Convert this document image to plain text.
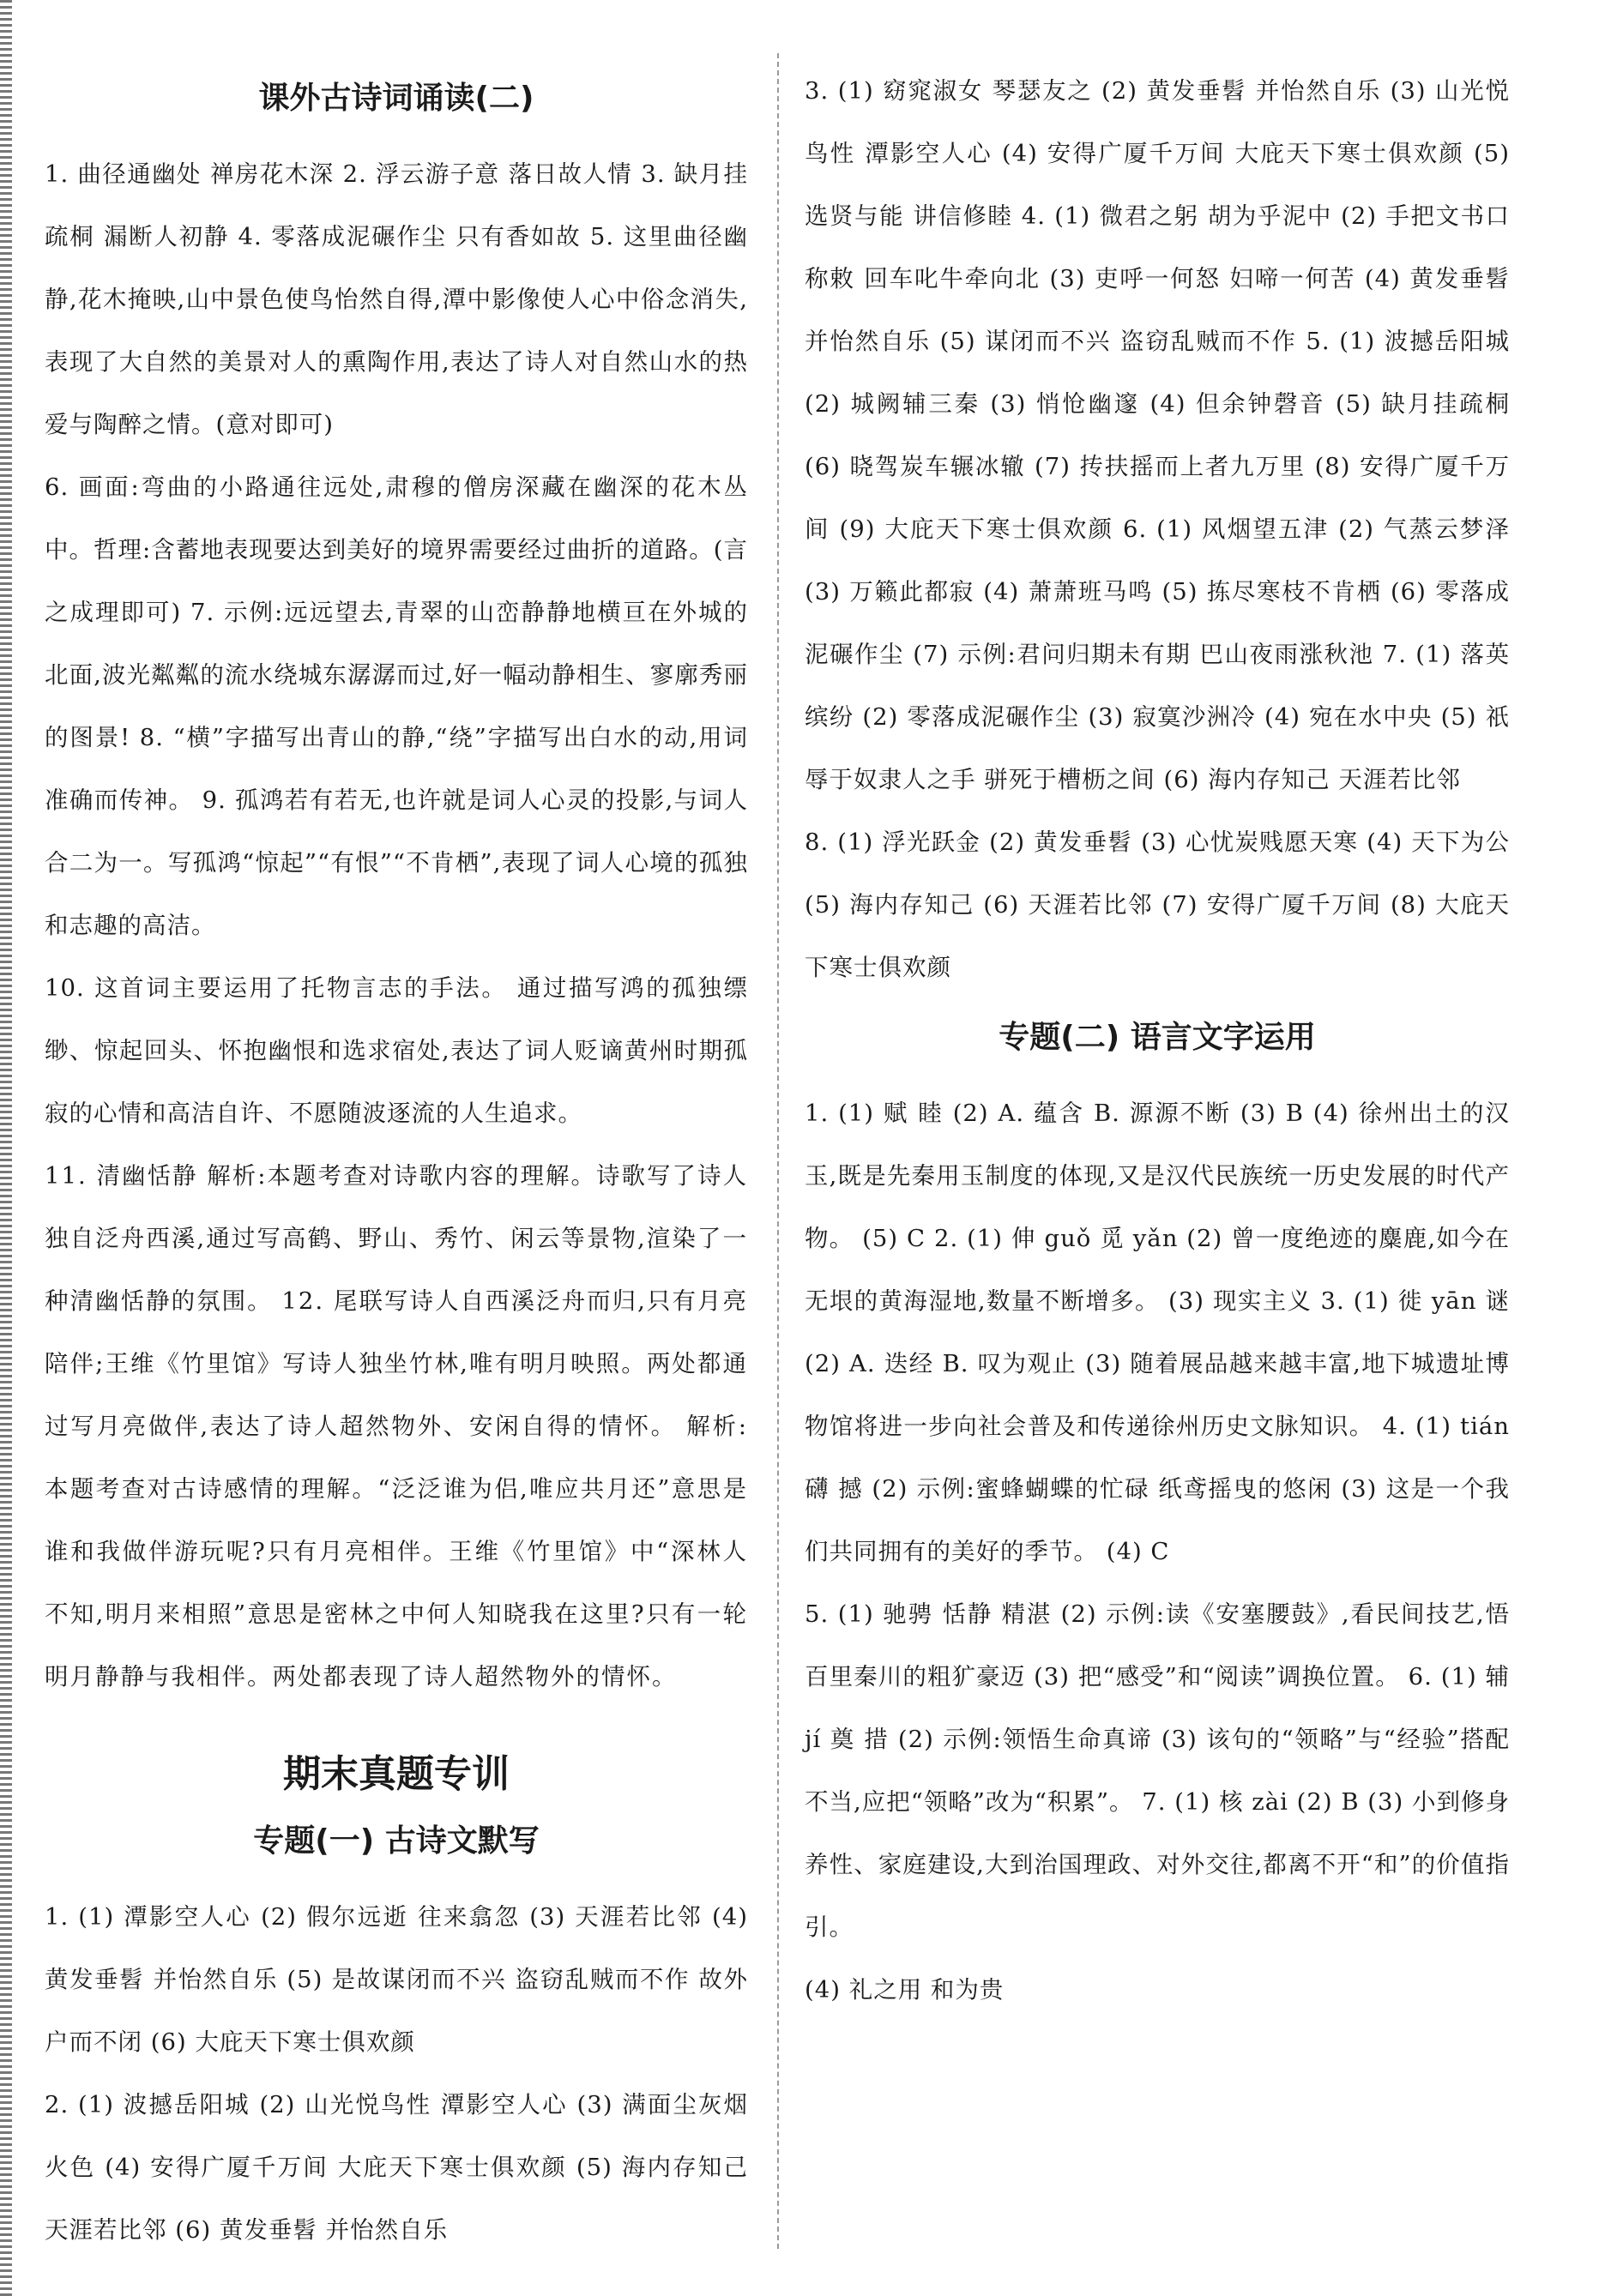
课外古诗词诵读(二)

1. 曲径通幽处 禅房花木深 2. 浮云游子意 落日故人情 3. 缺月挂疏桐 漏断人初静 4. 零落成泥碾作尘 只有香如故 5. 这里曲径幽静,花木掩映,山中景色使鸟怡然自得,潭中影像使人心中俗念消失,表现了大自然的美景对人的熏陶作用,表达了诗人对自然山水的热爱与陶醉之情。(意对即可)

6. 画面:弯曲的小路通往远处,肃穆的僧房深藏在幽深的花木丛中。哲理:含蓄地表现要达到美好的境界需要经过曲折的道路。(言之成理即可) 7. 示例:远远望去,青翠的山峦静静地横亘在外城的北面,波光粼粼的流水绕城东潺潺而过,好一幅动静相生、寥廓秀丽的图景! 8. “横”字描写出青山的静,“绕”字描写出白水的动,用词准确而传神。 9. 孤鸿若有若无,也许就是词人心灵的投影,与词人合二为一。写孤鸿“惊起”“有恨”“不肯栖”,表现了词人心境的孤独和志趣的高洁。

10. 这首词主要运用了托物言志的手法。 通过描写鸿的孤独缥缈、惊起回头、怀抱幽恨和选求宿处,表达了词人贬谪黄州时期孤寂的心情和高洁自许、不愿随波逐流的人生追求。

11. 清幽恬静 解析:本题考查对诗歌内容的理解。诗歌写了诗人独自泛舟西溪,通过写高鹤、野山、秀竹、闲云等景物,渲染了一种清幽恬静的氛围。 12. 尾联写诗人自西溪泛舟而归,只有月亮陪伴;王维《竹里馆》写诗人独坐竹林,唯有明月映照。两处都通过写月亮做伴,表达了诗人超然物外、安闲自得的情怀。 解析:本题考查对古诗感情的理解。“泛泛谁为侣,唯应共月还”意思是谁和我做伴游玩呢?只有月亮相伴。王维《竹里馆》中“深林人不知,明月来相照”意思是密林之中何人知晓我在这里?只有一轮明月静静与我相伴。两处都表现了诗人超然物外的情怀。

期末真题专训
专题(一) 古诗文默写

1. (1) 潭影空人心 (2) 假尔远逝 往来翕忽 (3) 天涯若比邻 (4) 黄发垂髫 并怡然自乐 (5) 是故谋闭而不兴 盗窃乱贼而不作 故外户而不闭 (6) 大庇天下寒士俱欢颜

2. (1) 波撼岳阳城 (2) 山光悦鸟性 潭影空人心 (3) 满面尘灰烟火色 (4) 安得广厦千万间 大庇天下寒士俱欢颜 (5) 海内存知己 天涯若比邻 (6) 黄发垂髫 并怡然自乐

3. (1) 窈窕淑女 琴瑟友之 (2) 黄发垂髫 并怡然自乐 (3) 山光悦鸟性 潭影空人心 (4) 安得广厦千万间 大庇天下寒士俱欢颜 (5) 选贤与能 讲信修睦 4. (1) 微君之躬 胡为乎泥中 (2) 手把文书口称敕 回车叱牛牵向北 (3) 吏呼一何怒 妇啼一何苦 (4) 黄发垂髫 并怡然自乐 (5) 谋闭而不兴 盗窃乱贼而不作 5. (1) 波撼岳阳城 (2) 城阙辅三秦 (3) 悄怆幽邃 (4) 但余钟磬音 (5) 缺月挂疏桐 (6) 晓驾炭车辗冰辙 (7) 抟扶摇而上者九万里 (8) 安得广厦千万间 (9) 大庇天下寒士俱欢颜 6. (1) 风烟望五津 (2) 气蒸云梦泽 (3) 万籁此都寂 (4) 萧萧班马鸣 (5) 拣尽寒枝不肯栖 (6) 零落成泥碾作尘 (7) 示例:君问归期未有期 巴山夜雨涨秋池 7. (1) 落英缤纷 (2) 零落成泥碾作尘 (3) 寂寞沙洲冷 (4) 宛在水中央 (5) 祇辱于奴隶人之手 骈死于槽枥之间 (6) 海内存知己 天涯若比邻

8. (1) 浮光跃金 (2) 黄发垂髫 (3) 心忧炭贱愿天寒 (4) 天下为公 (5) 海内存知己 (6) 天涯若比邻 (7) 安得广厦千万间 (8) 大庇天下寒士俱欢颜

专题(二) 语言文字运用

1. (1) 赋 睦 (2) A. 蕴含 B. 源源不断 (3) B (4) 徐州出土的汉玉,既是先秦用玉制度的体现,又是汉代民族统一历史发展的时代产物。 (5) C 2. (1) 伸 guǒ 觅 yǎn (2) 曾一度绝迹的麋鹿,如今在无垠的黄海湿地,数量不断增多。 (3) 现实主义 3. (1) 徙 yān 谜 (2) A. 迭经 B. 叹为观止 (3) 随着展品越来越丰富,地下城遗址博物馆将进一步向社会普及和传递徐州历史文脉知识。 4. (1) tián 礴 撼 (2) 示例:蜜蜂蝴蝶的忙碌 纸鸢摇曳的悠闲 (3) 这是一个我们共同拥有的美好的季节。 (4) C

5. (1) 驰骋 恬静 精湛 (2) 示例:读《安塞腰鼓》,看民间技艺,悟百里秦川的粗犷豪迈 (3) 把“感受”和“阅读”调换位置。 6. (1) 辅 jí 奠 措 (2) 示例:领悟生命真谛 (3) 该句的“领略”与“经验”搭配不当,应把“领略”改为“积累”。 7. (1) 核 zài (2) B (3) 小到修身养性、家庭建设,大到治国理政、对外交往,都离不开“和”的价值指引。

(4) 礼之用 和为贵
